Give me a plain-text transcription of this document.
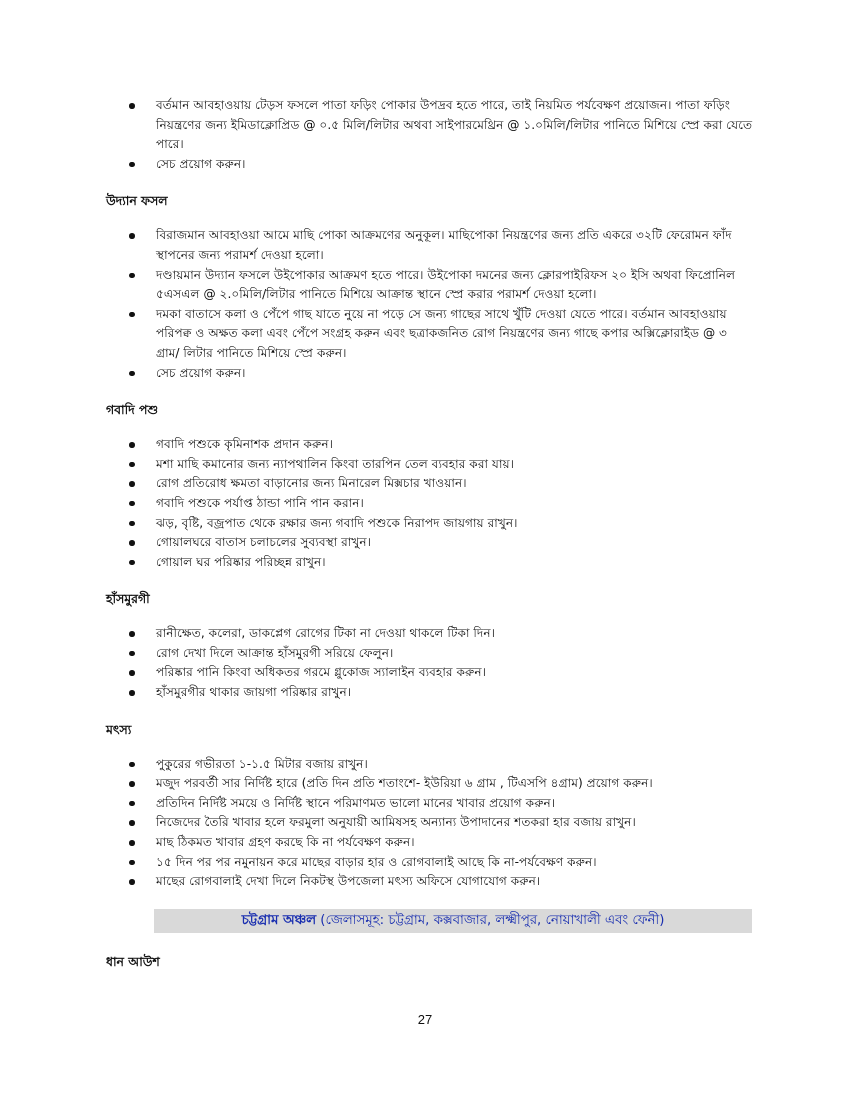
বর্তমান আবহাওয়ায় টেড়স ফসলে পাতা ফড়িং পোকার উপদ্রব হতে পারে, তাই নিয়মিত পর্যবেক্ষণ প্রয়োজন। পাতা ফড়িং নিয়ন্ত্রণের জন্য ইমিডাক্লোপ্রিড @ ০.৫ মিলি/লিটার অথবা সাইপারমেথ্রিন @ ১.০মিলি/লিটার পানিতে মিশিয়ে স্প্রে করা যেতে পারে।
সেচ প্রয়োগ করুন।
উদ্যান ফসল
বিরাজমান আবহাওয়া আমে মাছি পোকা আক্রমণের অনুকূল। মাছিপোকা নিয়ন্ত্রণের জন্য প্রতি একরে ৩২টি ফেরোমন ফাঁদ স্থাপনের জন্য পরামর্শ দেওয়া হলো।
দণ্ডায়মান উদ্যান ফসলে উইপোকার আক্রমণ হতে পারে। উইপোকা দমনের জন্য ক্লোরপাইরিফস ২০ ইসি অথবা ফিপ্রোনিল ৫এসএল @ ২.০মিলি/লিটার পানিতে মিশিয়ে আক্রান্ত স্থানে স্প্রে করার পরামর্শ দেওয়া হলো।
দমকা বাতাসে কলা ও পেঁপে গাছ যাতে নুয়ে না পড়ে সে জন্য গাছের সাথে খুঁটি দেওয়া যেতে পারে। বর্তমান আবহাওয়ায় পরিপক্ব ও অক্ষত কলা এবং পেঁপে সংগ্রহ করুন এবং ছত্রাকজনিত রোগ নিয়ন্ত্রণের জন্য গাছে কপার অক্সিক্লোরাইড @ ৩ গ্রাম/ লিটার পানিতে মিশিয়ে স্প্রে করুন।
সেচ প্রয়োগ করুন।
গবাদি পশু
গবাদি পশুকে কৃমিনাশক প্রদান করুন।
মশা মাছি কমানোর জন্য ন্যাপথালিন কিংবা তারপিন তেল ব্যবহার করা যায়।
রোগ প্রতিরোধ ক্ষমতা বাড়ানোর জন্য মিনারেল মিক্সচার খাওয়ান।
গবাদি পশুকে পর্যাপ্ত ঠান্ডা পানি পান করান।
ঝড়, বৃষ্টি, বজ্রপাত থেকে রক্ষার জন্য গবাদি পশুকে নিরাপদ জায়গায় রাখুন।
গোয়ালঘরে বাতাস চলাচলের সুব্যবস্থা রাখুন।
গোয়াল ঘর পরিষ্কার পরিচ্ছন্ন রাখুন।
হাঁসমুরগী
রানীক্ষেত, কলেরা, ডাকপ্লেগ রোগের টিকা না দেওয়া থাকলে টিকা দিন।
রোগ দেখা দিলে আক্রান্ত হাঁসমুরগী সরিয়ে ফেলুন।
পরিষ্কার পানি কিংবা অধিকতর গরমে গ্লুকোজ স্যালাইন ব্যবহার করুন।
হাঁসমুরগীর থাকার জায়গা পরিষ্কার রাখুন।
মৎস্য
পুকুরের গভীরতা ১-১.৫ মিটার বজায় রাখুন।
মজুদ পরবর্তী সার নির্দিষ্ট হারে (প্রতি দিন প্রতি শতাংশে- ইউরিয়া ৬ গ্রাম , টিএসপি ৪গ্রাম) প্রয়োগ করুন।
প্রতিদিন নির্দিষ্ট সময়ে ও নির্দিষ্ট স্থানে পরিমাণমত ভালো মানের খাবার প্রয়োগ করুন।
নিজেদের তৈরি খাবার হলে ফরমুলা অনুযায়ী আমিষসহ অন্যান্য উপাদানের শতকরা হার বজায় রাখুন।
মাছ ঠিকমত খাবার গ্রহণ করছে কি না পর্যবেক্ষণ করুন।
১৫ দিন পর পর নমুনায়ন করে মাছের বাড়ার হার ও রোগবালাই আছে কি না-পর্যবেক্ষণ করুন।
মাছের রোগবালাই দেখা দিলে নিকটস্থ উপজেলা মৎস্য অফিসে যোগাযোগ করুন।
চট্টগ্রাম অঞ্চল (জেলাসমূহ: চট্টগ্রাম, কক্সবাজার, লক্ষ্মীপুর, নোয়াখালী এবং ফেনী)
ধান আউশ
27
